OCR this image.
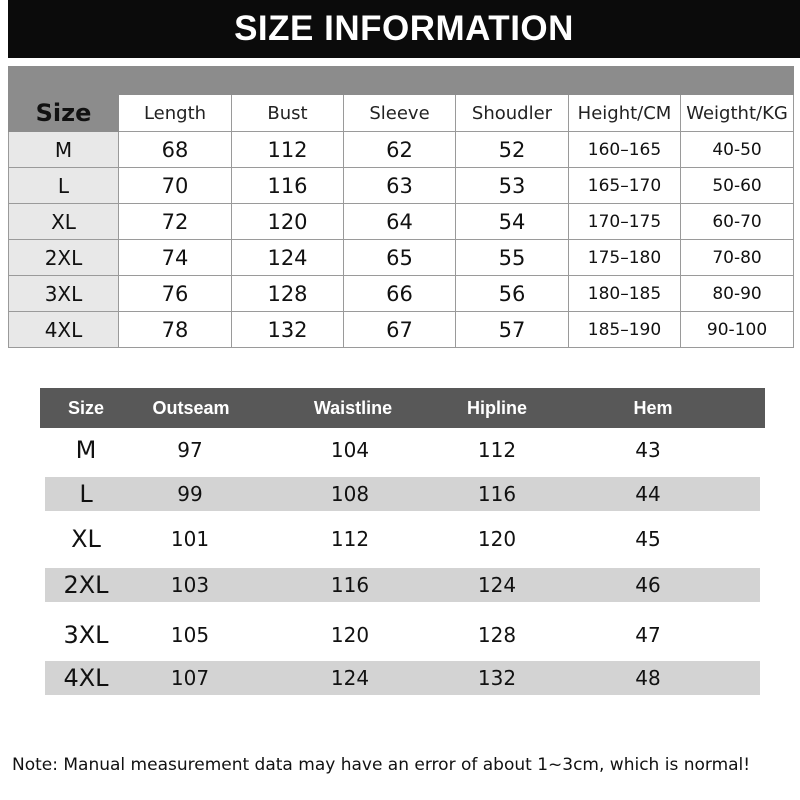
SIZE INFORMATION
Size						
	Length	Bust	Sleeve	Shoudler	Height/CM	Weigtht/KG
M	68	112	62	52	160–165	40-50
L	70	116	63	53	165–170	50-60
XL	72	120	64	54	170–175	60-70
2XL	74	124	65	55	175–180	70-80
3XL	76	128	66	56	180–185	80-90
4XL	78	132	67	57	185–190	90-100
Size	Outseam	Waistline	Hipline	Hem
M	97	104	112	43
L	99	108	116	44
XL	101	112	120	45
2XL	103	116	124	46
3XL	105	120	128	47
4XL	107	124	132	48
Note: Manual measurement data may have an error of about 1~3cm, which is normal!
